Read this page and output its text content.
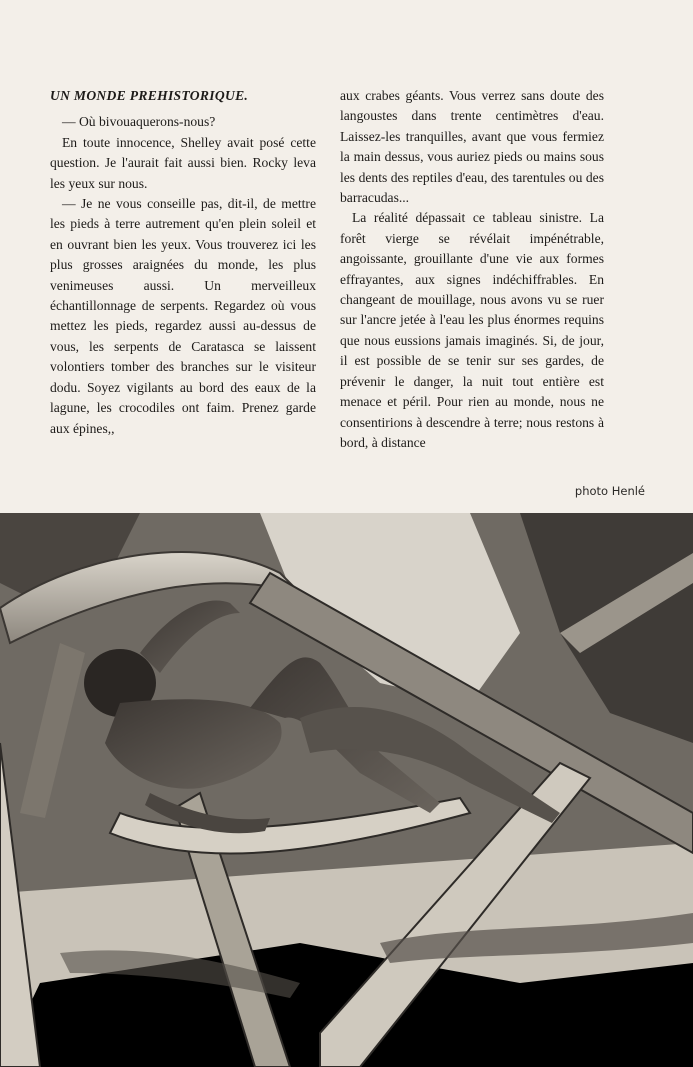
UN MONDE PREHISTORIQUE.

— Où bivouaquerons-nous?

En toute innocence, Shelley avait posé cette question. Je l'aurait fait aussi bien. Rocky leva les yeux sur nous.

— Je ne vous conseille pas, dit-il, de mettre les pieds à terre autrement qu'en plein soleil et en ouvrant bien les yeux. Vous trouverez ici les plus grosses araignées du monde, les plus venimeuses aussi. Un merveilleux échantillonnage de serpents. Regardez où vous mettez les pieds, regardez aussi au-dessus de vous, les serpents de Caratasca se laissent volontiers tomber des branches sur le visiteur dodu. Soyez vigilants au bord des eaux de la lagune, les crocodiles ont faim. Prenez garde aux épines,,

aux crabes géants. Vous verrez sans doute des langoustes dans trente centimètres d'eau. Laissez-les tranquilles, avant que vous fermiez la main dessus, vous auriez pieds ou mains sous les dents des reptiles d'eau, des tarentules ou des barracudas...

La réalité dépassait ce tableau sinistre. La forêt vierge se révélait impénétrable, angoissante, grouillante d'une vie aux formes effrayantes, aux signes indéchiffrables. En changeant de mouillage, nous avons vu se ruer sur l'ancre jetée à l'eau les plus énormes requins que nous eussions jamais imaginés. Si, de jour, il est possible de se tenir sur ses gardes, de prévenir le danger, la nuit tout entière est menace et péril. Pour rien au monde, nous ne consentirions à descendre à terre; nous restons à bord, à distance

photo Henlé
